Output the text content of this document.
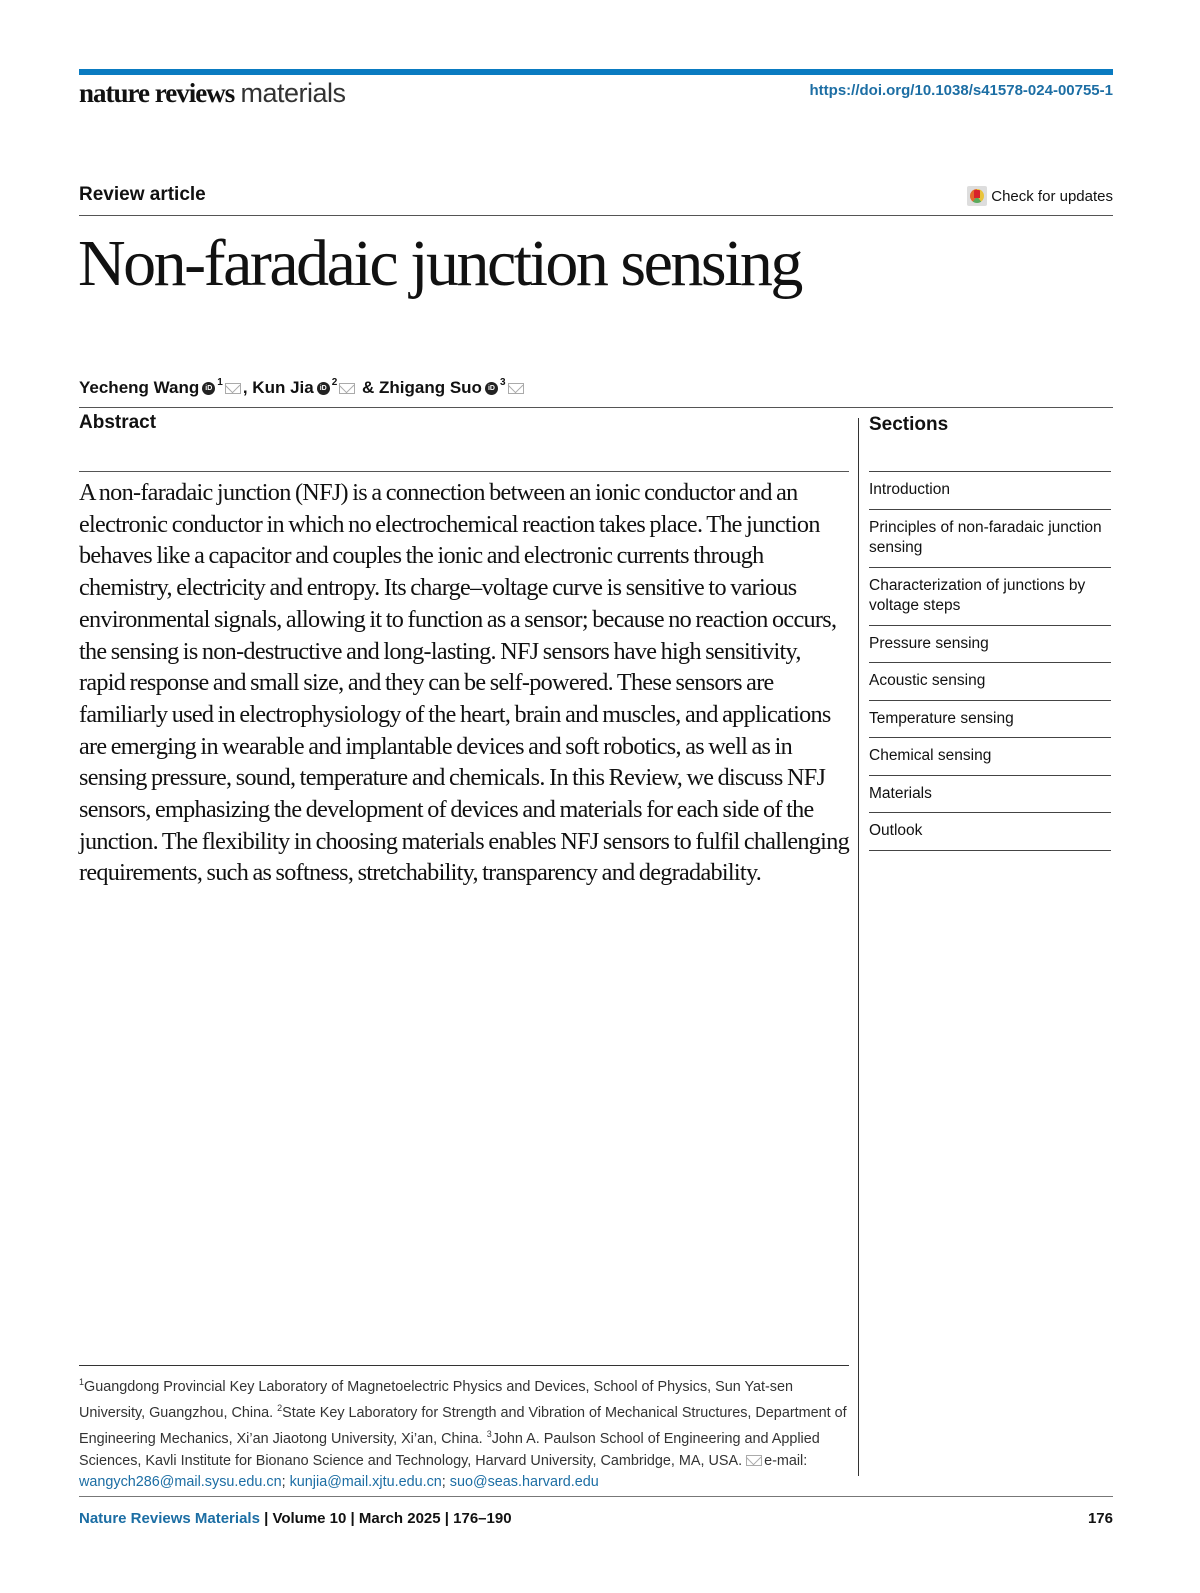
nature reviews materials	https://doi.org/10.1038/s41578-024-00755-1
Review article	Check for updates
Non-faradaic junction sensing
Yecheng Wang iD
1 , Kun Jia iD
2 & Zhigang Suo iD
3
Abstract
A non-faradaic junction (NFJ) is a connection between an ionic conductor and an electronic conductor in which no electrochemical reaction takes place. The junction behaves like a capacitor and couples the ionic and electronic currents through chemistry, electricity and entropy. Its charge–voltage curve is sensitive to various environmental signals, allowing it to function as a sensor; because no reaction occurs, the sensing is non-destructive and long-lasting. NFJ sensors have high sensitivity, rapid response and small size, and they can be self-powered. These sensors are familiarly used in electrophysiology of the heart, brain and muscles, and applications are emerging in wearable and implantable devices and soft robotics, as well as in sensing pressure, sound, temperature and chemicals. In this Review, we discuss NFJ sensors, emphasizing the development of devices and materials for each side of the junction. The flexibility in choosing materials enables NFJ sensors to fulfil challenging requirements, such as softness, stretchability, transparency and degradability.
Sections
Introduction
Principles of non-faradaic junction sensing
Characterization of junctions by voltage steps
Pressure sensing
Acoustic sensing
Temperature sensing
Chemical sensing
Materials
Outlook
$^1$Guangdong Provincial Key Laboratory of Magnetoelectric Physics and Devices, School of Physics, Sun Yat-sen University, Guangzhou, China. $^2$State Key Laboratory for Strength and Vibration of Mechanical Structures, Department of Engineering Mechanics, Xi’an Jiaotong University, Xi’an, China. $^3$John A. Paulson School of Engineering and Applied Sciences, Kavli Institute for Bionano Science and Technology, Harvard University, Cambridge, MA, USA. e-mail: wangych286@mail.sysu.edu.cn; kunjia@mail.xjtu.edu.cn; suo@seas.harvard.edu
Nature Reviews Materials | Volume 10 | March 2025 | 176–190	176
